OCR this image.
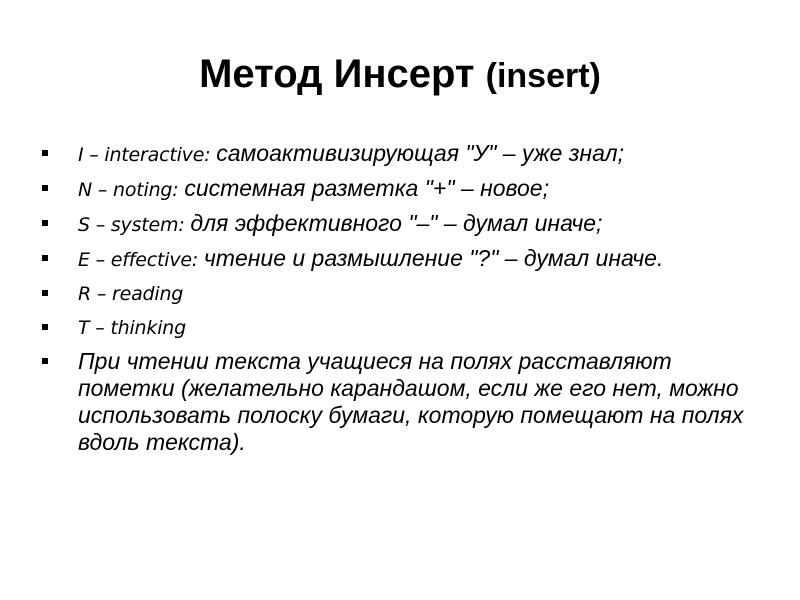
Метод Инсерт (insert)
I – interactive: самоактивизирующая "У" – уже знал;
N – noting: системная разметка "+" – новое;
S – system: для эффективного "–" – думал иначе;
E – effective: чтение и размышление "?" – думал иначе.
R – reading
T – thinking
При чтении текста учащиеся на полях расставляют пометки (желательно карандашом, если же его нет, можно использовать полоску бумаги, которую помещают на полях вдоль текста).
